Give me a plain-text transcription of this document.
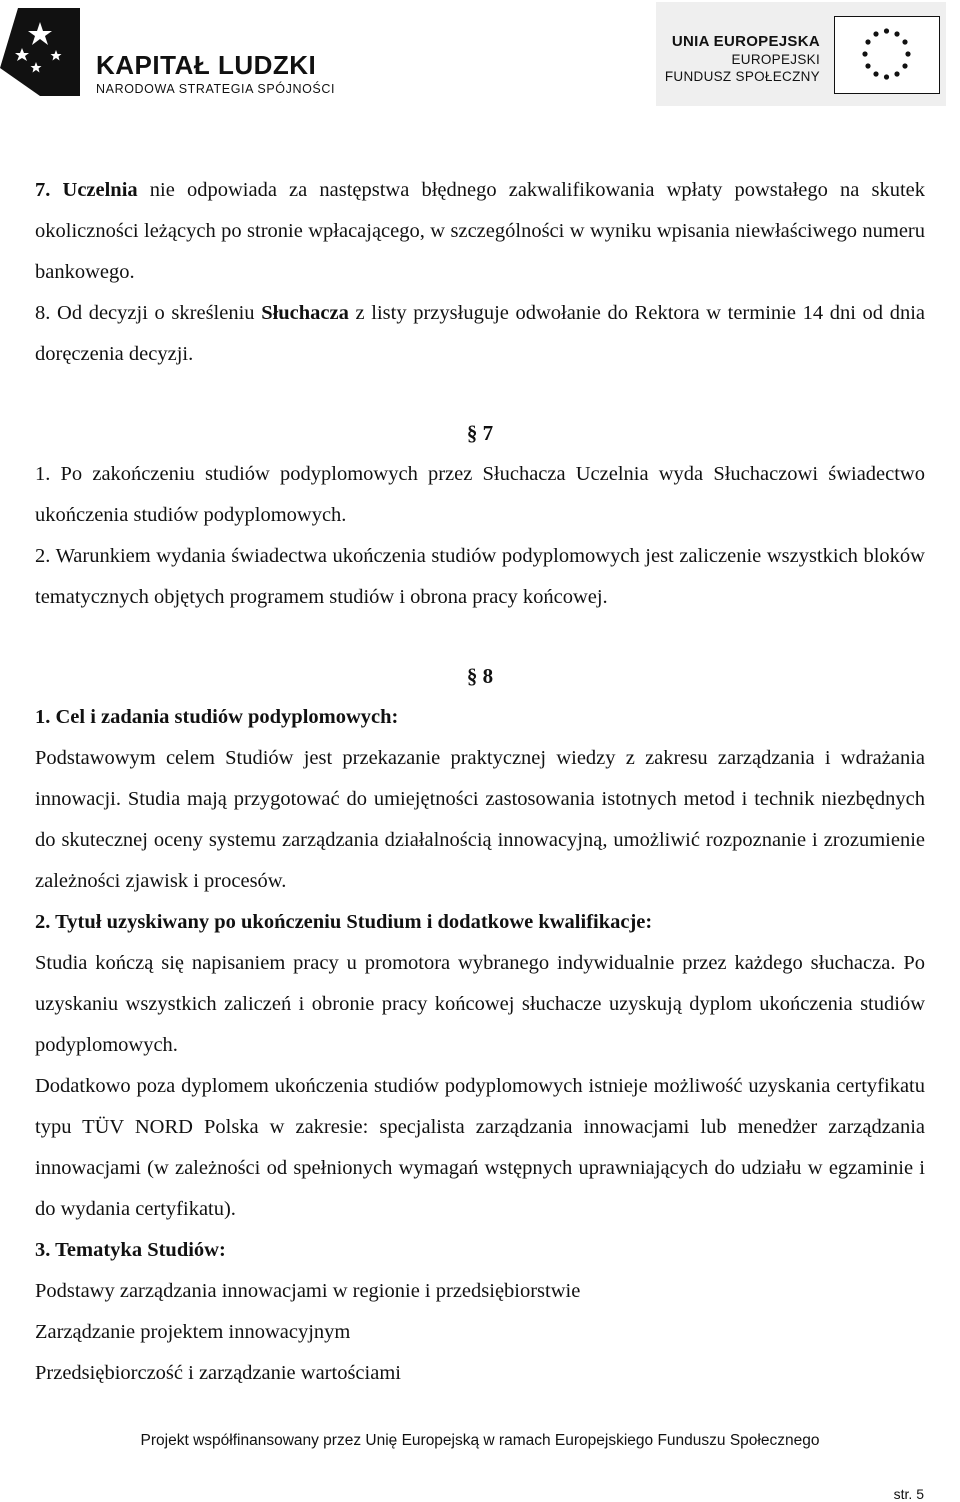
KAPITAŁ LUDZKI
NARODOWA STRATEGIA SPÓJNOŚCI
UNIA EUROPEJSKA
EUROPEJSKI
FUNDUSZ SPOŁECZNY

7. Uczelnia nie odpowiada za następstwa błędnego zakwalifikowania wpłaty powstałego na skutek okoliczności leżących po stronie wpłacającego, w szczególności w wyniku wpisania niewłaściwego numeru bankowego.

8. Od decyzji o skreśleniu Słuchacza z listy przysługuje odwołanie do Rektora w terminie 14 dni od dnia doręczenia decyzji.

§ 7

1. Po zakończeniu studiów podyplomowych przez Słuchacza Uczelnia wyda Słuchaczowi świadectwo ukończenia studiów podyplomowych.

2. Warunkiem wydania świadectwa ukończenia studiów podyplomowych jest zaliczenie wszystkich bloków tematycznych objętych programem studiów i obrona pracy końcowej.

§ 8

1. Cel i zadania studiów podyplomowych:

Podstawowym celem Studiów jest przekazanie praktycznej wiedzy z zakresu zarządzania i wdrażania innowacji. Studia mają przygotować do umiejętności zastosowania istotnych metod i technik niezbędnych do skutecznej oceny systemu zarządzania działalnością innowacyjną, umożliwić rozpoznanie i zrozumienie zależności zjawisk i procesów.

2. Tytuł uzyskiwany po ukończeniu Studium i dodatkowe kwalifikacje:

Studia kończą się napisaniem pracy u promotora wybranego indywidualnie przez każdego słuchacza. Po uzyskaniu wszystkich zaliczeń i obronie pracy końcowej słuchacze uzyskują dyplom ukończenia studiów podyplomowych.

Dodatkowo poza dyplomem ukończenia studiów podyplomowych istnieje możliwość uzyskania certyfikatu typu TÜV NORD Polska w zakresie: specjalista zarządzania innowacjami lub menedżer zarządzania innowacjami (w zależności od spełnionych wymagań wstępnych uprawniających do udziału w egzaminie i do wydania certyfikatu).

3. Tematyka Studiów:

Podstawy zarządzania innowacjami w regionie i przedsiębiorstwie

Zarządzanie projektem innowacyjnym

Przedsiębiorczość i zarządzanie wartościami

Projekt współfinansowany przez Unię Europejską w ramach Europejskiego Funduszu Społecznego
str. 5
